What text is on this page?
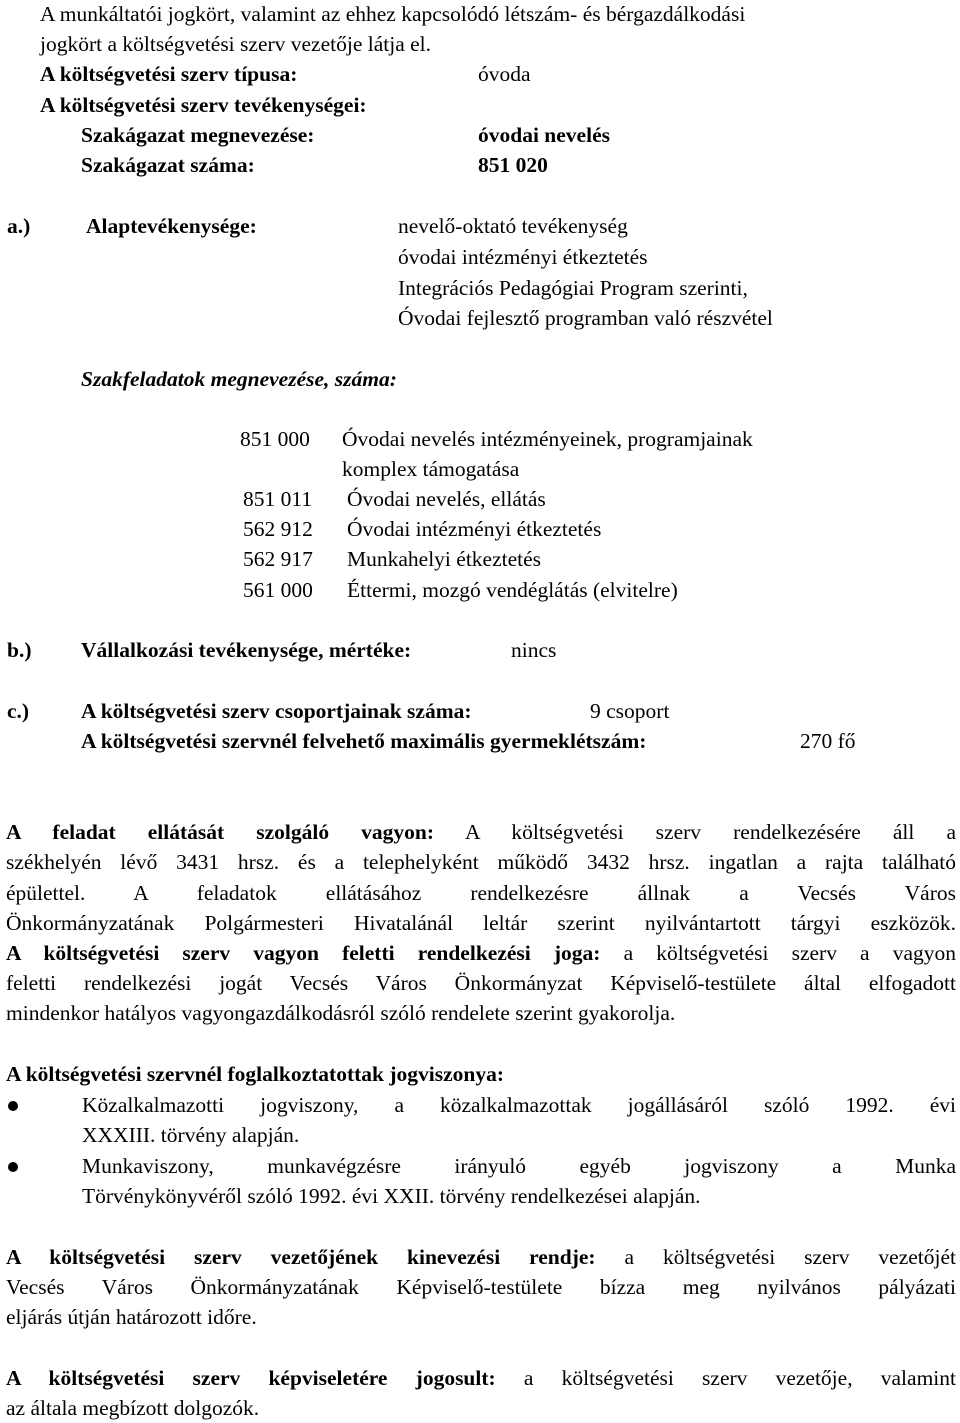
A munkáltatói jogkört, valamint az ehhez kapcsolódó létszám- és bérgazdálkodási
jogkört a költségvetési szerv vezetője látja el.
A költségvetési szerv típusa:	óvoda
A költségvetési szerv tevékenységei:
Szakágazat megnevezése:	óvodai nevelés
Szakágazat száma:	851 020
a.)	Alaptevékenysége:	nevelő-oktató tevékenység
óvodai intézményi étkeztetés
Integrációs Pedagógiai Program szerinti,
Óvodai fejlesztő programban való részvétel
Szakfeladatok megnevezése, száma:
851 000 Óvodai nevelés intézményeinek, programjainak
komplex támogatása
851 011 Óvodai nevelés, ellátás
562 912 Óvodai intézményi étkeztetés
562 917 Munkahelyi étkeztetés
561 000 Éttermi, mozgó vendéglátás (elvitelre)
b.) Vállalkozási tevékenysége, mértéke:	nincs
c.) A költségvetési szerv csoportjainak száma:	9 csoport
A költségvetési szervnél felvehető maximális gyermeklétszám:	270 fő
A feladat ellátását szolgáló vagyon: A költségvetési szerv rendelkezésére áll a
székhelyén lévő 3431 hrsz. és a telephelyként működő 3432 hrsz. ingatlan a rajta található
épülettel. A feladatok ellátásához rendelkezésre állnak a Vecsés Város
Önkormányzatának Polgármesteri Hivatalánál leltár szerint nyilvántartott tárgyi eszközök.
A költségvetési szerv vagyon feletti rendelkezési joga: a költségvetési szerv a vagyon
feletti rendelkezési jogát Vecsés Város Önkormányzat Képviselő-testülete által elfogadott
mindenkor hatályos vagyongazdálkodásról szóló rendelete szerint gyakorolja.
A költségvetési szervnél foglalkoztatottak jogviszonya:
Közalkalmazotti jogviszony, a közalkalmazottak jogállásáról szóló 1992. évi
XXXIII. törvény alapján.
Munkaviszony, munkavégzésre irányuló egyéb jogviszony a Munka
Törvénykönyvéről szóló 1992. évi XXII. törvény rendelkezései alapján.
A költségvetési szerv vezetőjének kinevezési rendje: a költségvetési szerv vezetőjét
Vecsés Város Önkormányzatának Képviselő-testülete bízza meg nyilvános pályázati
eljárás útján határozott időre.
A költségvetési szerv képviseletére jogosult: a költségvetési szerv vezetője, valamint
az általa megbízott dolgozók.
